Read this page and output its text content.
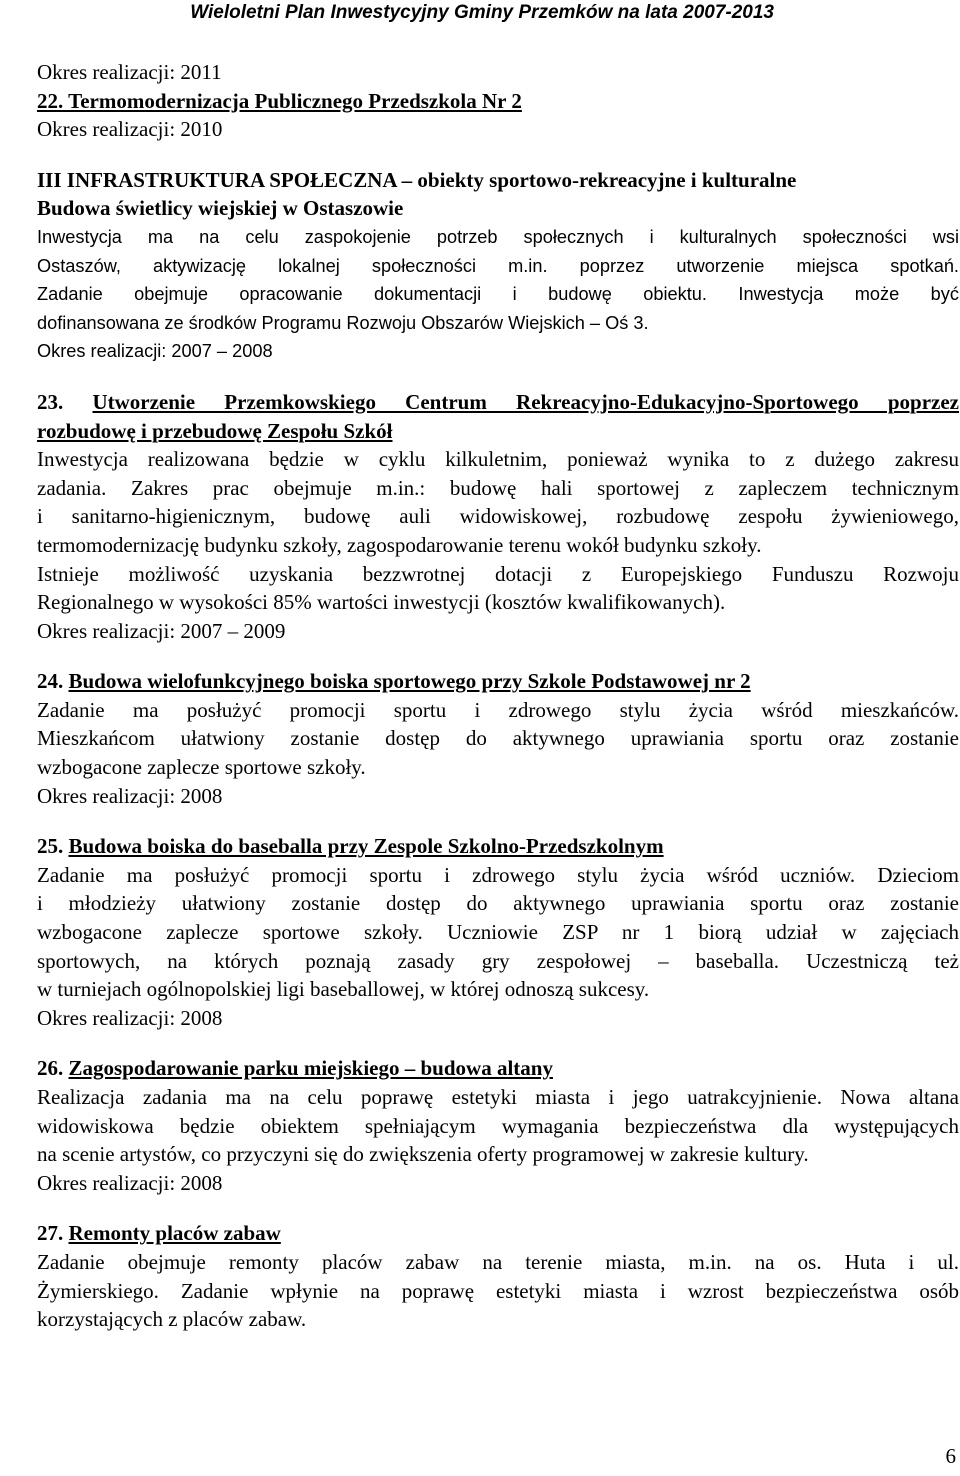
Wieloletni Plan Inwestycyjny Gminy Przemków na lata 2007-2013
Okres realizacji: 2011
22. Termomodernizacja Publicznego Przedszkola Nr 2
Okres realizacji: 2010
III INFRASTRUKTURA SPOŁECZNA – obiekty sportowo-rekreacyjne i kulturalne
Budowa świetlicy wiejskiej w Ostaszowie
Inwestycja ma na celu zaspokojenie potrzeb społecznych i kulturalnych społeczności wsi
Ostaszów, aktywizację lokalnej społeczności m.in. poprzez utworzenie miejsca spotkań.
Zadanie obejmuje opracowanie dokumentacji i budowę obiektu. Inwestycja może być
dofinansowana ze środków Programu Rozwoju Obszarów Wiejskich – Oś 3.
Okres realizacji: 2007 – 2008
23. Utworzenie Przemkowskiego Centrum Rekreacyjno-Edukacyjno-Sportowego poprzez
rozbudowę i przebudowę Zespołu Szkół
Inwestycja realizowana będzie w cyklu kilkuletnim, ponieważ wynika to z dużego zakresu
zadania. Zakres prac obejmuje m.in.: budowę hali sportowej z zapleczem technicznym
i sanitarno-higienicznym, budowę auli widowiskowej, rozbudowę zespołu żywieniowego,
termomodernizację budynku szkoły, zagospodarowanie terenu wokół budynku szkoły.
Istnieje możliwość uzyskania bezzwrotnej dotacji z Europejskiego Funduszu Rozwoju
Regionalnego w wysokości 85% wartości inwestycji (kosztów kwalifikowanych).
Okres realizacji: 2007 – 2009
24. Budowa wielofunkcyjnego boiska sportowego przy Szkole Podstawowej nr 2
Zadanie ma posłużyć promocji sportu i zdrowego stylu życia wśród mieszkańców.
Mieszkańcom ułatwiony zostanie dostęp do aktywnego uprawiania sportu oraz zostanie
wzbogacone zaplecze sportowe szkoły.
Okres realizacji: 2008
25. Budowa boiska do baseballa przy Zespole Szkolno-Przedszkolnym
Zadanie ma posłużyć promocji sportu i zdrowego stylu życia wśród uczniów. Dzieciom
i młodzieży ułatwiony zostanie dostęp do aktywnego uprawiania sportu oraz zostanie
wzbogacone zaplecze sportowe szkoły. Uczniowie ZSP nr 1 biorą udział w zajęciach
sportowych, na których poznają zasady gry zespołowej – baseballa. Uczestniczą też
w turniejach ogólnopolskiej ligi baseballowej, w której odnoszą sukcesy.
Okres realizacji: 2008
26. Zagospodarowanie parku miejskiego – budowa altany
Realizacja zadania ma na celu poprawę estetyki miasta i jego uatrakcyjnienie. Nowa altana
widowiskowa będzie obiektem spełniającym wymagania bezpieczeństwa dla występujących
na scenie artystów, co przyczyni się do zwiększenia oferty programowej w zakresie kultury.
Okres realizacji: 2008
27. Remonty placów zabaw
Zadanie obejmuje remonty placów zabaw na terenie miasta, m.in. na os. Huta i ul.
Żymierskiego. Zadanie wpłynie na poprawę estetyki miasta i wzrost bezpieczeństwa osób
korzystających z placów zabaw.
6
